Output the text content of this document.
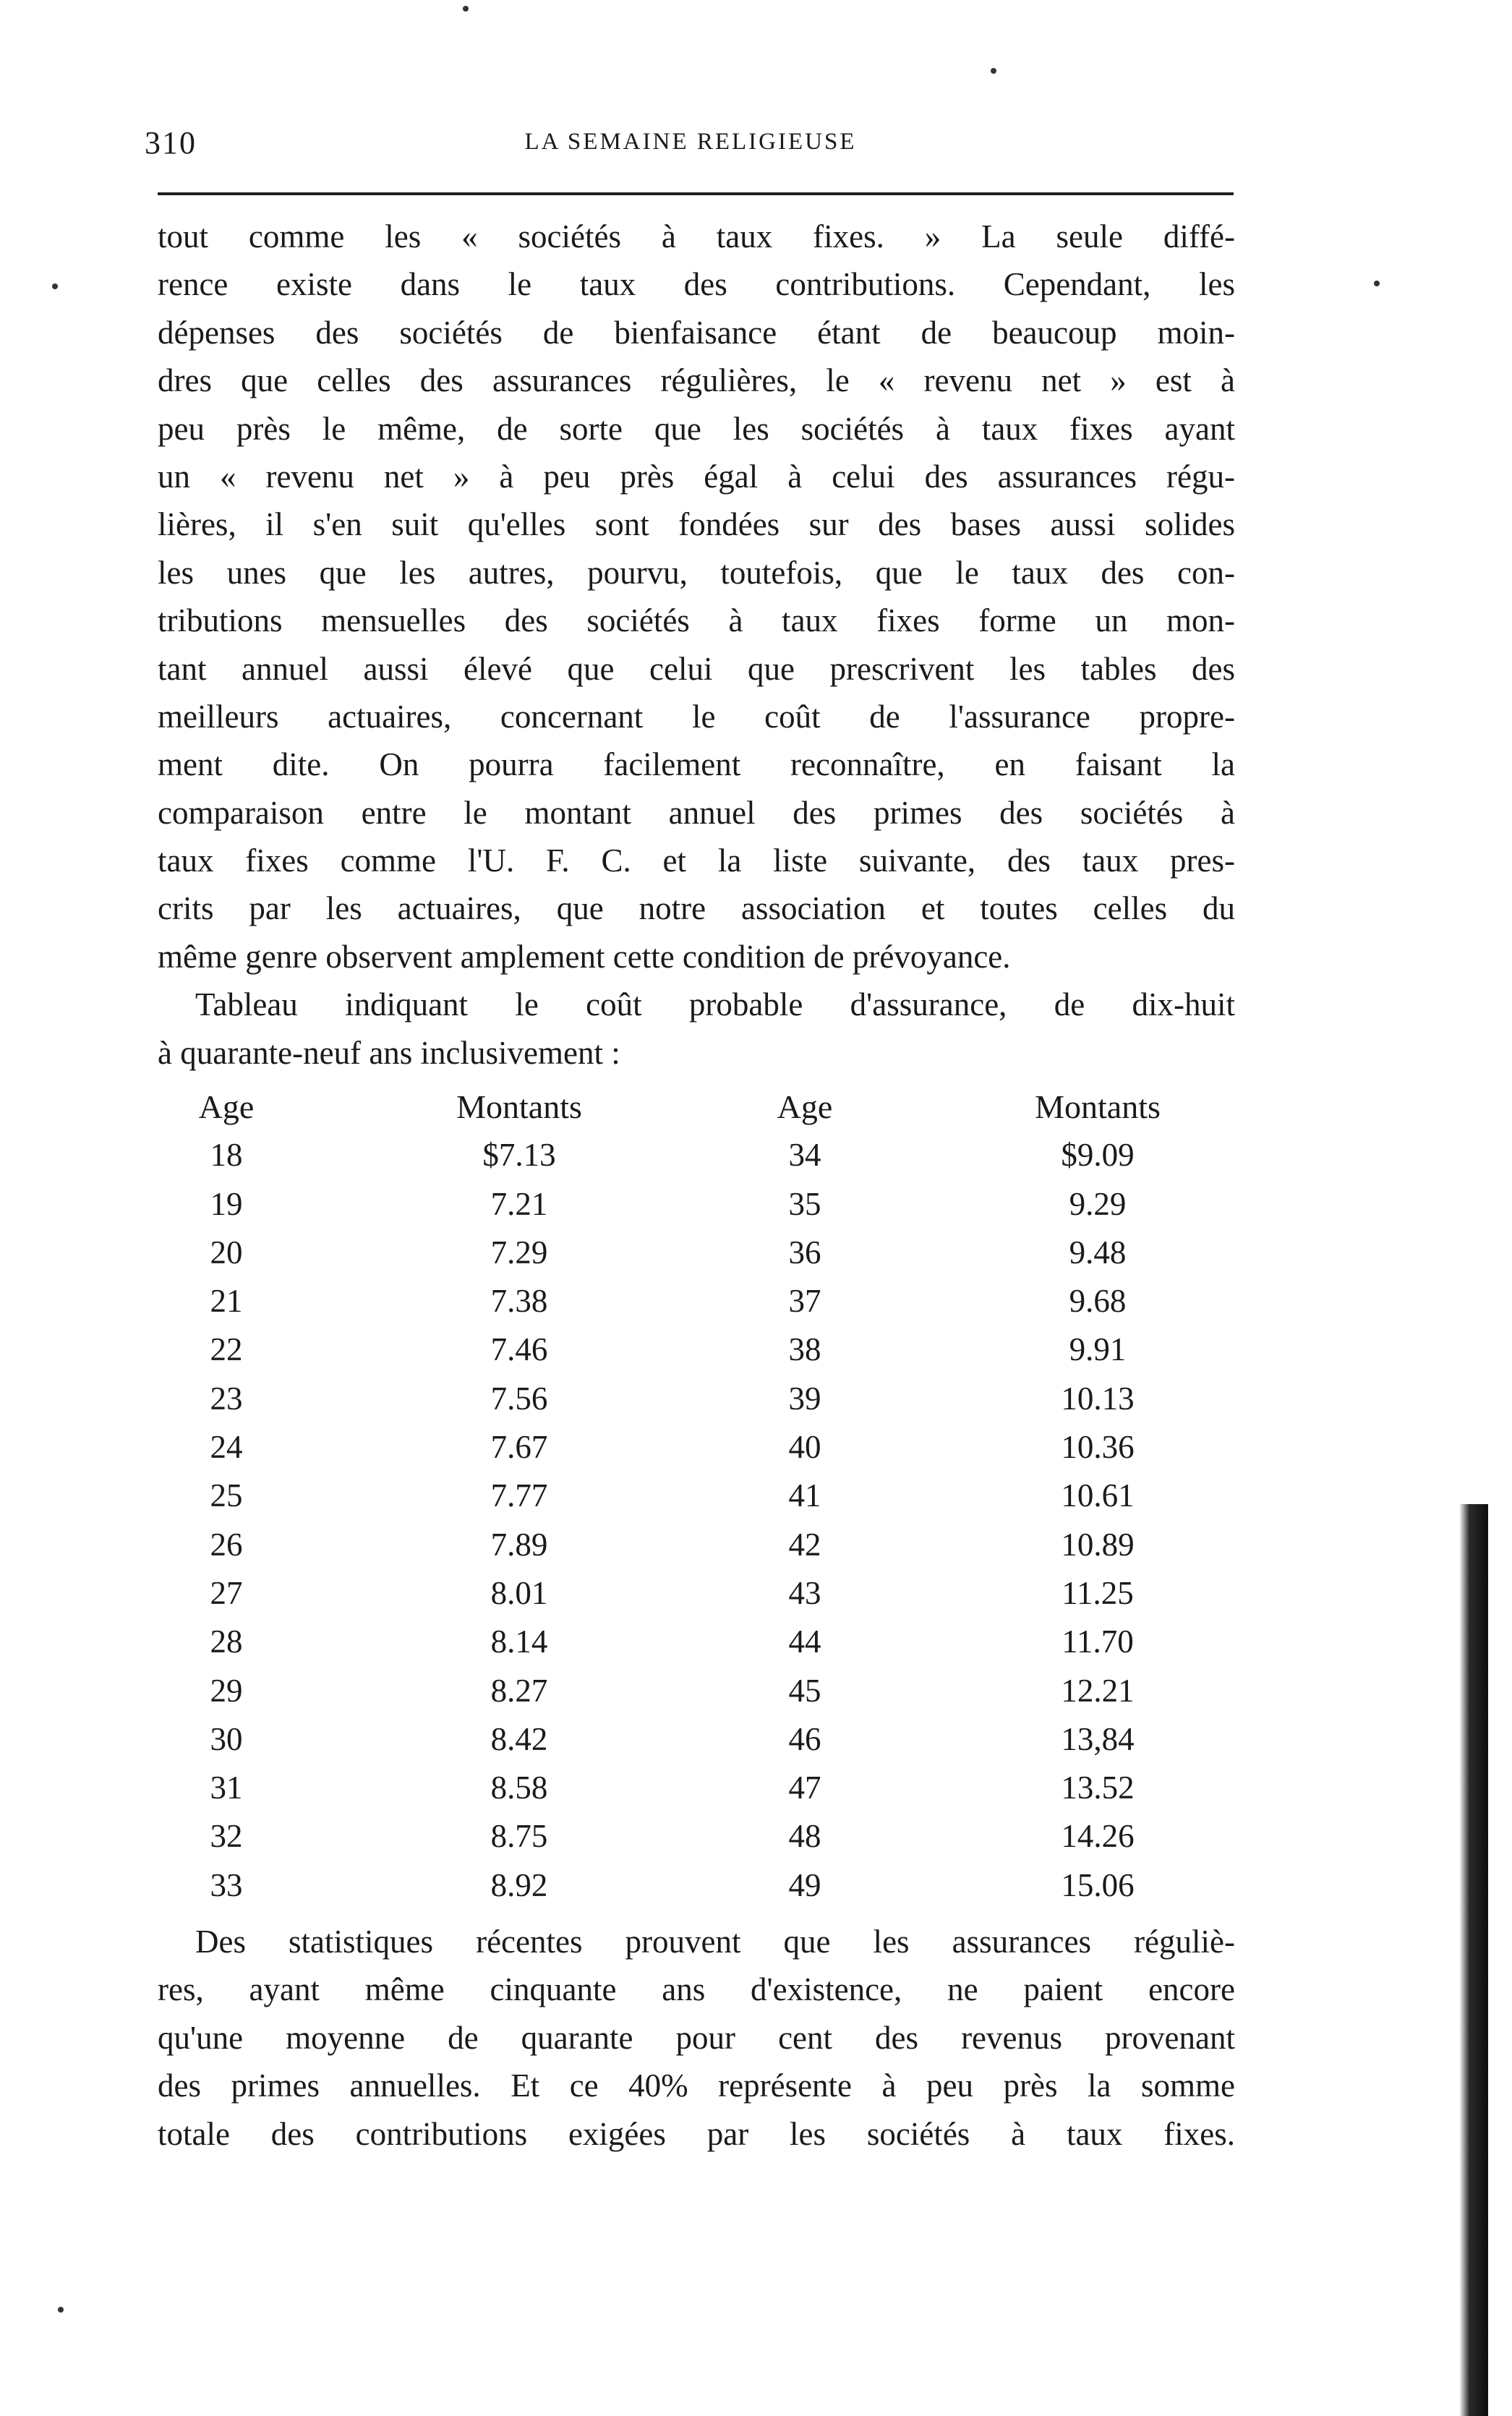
310	LA SEMAINE RELIGIEUSE
tout comme les « sociétés à taux fixes. » La seule diffé-
rence existe dans le taux des contributions. Cependant, les
dépenses des sociétés de bienfaisance étant de beaucoup moin-
dres que celles des assurances régulières, le « revenu net » est à
peu près le même, de sorte que les sociétés à taux fixes ayant
un « revenu net » à peu près égal à celui des assurances régu-
lières, il s'en suit qu'elles sont fondées sur des bases aussi solides
les unes que les autres, pourvu, toutefois, que le taux des con-
tributions mensuelles des sociétés à taux fixes forme un mon-
tant annuel aussi élevé que celui que prescrivent les tables des
meilleurs actuaires, concernant le coût de l'assurance propre-
ment dite. On pourra facilement reconnaître, en faisant la
comparaison entre le montant annuel des primes des sociétés à
taux fixes comme l'U. F. C. et la liste suivante, des taux pres-
crits par les actuaires, que notre association et toutes celles du
même genre observent amplement cette condition de prévoyance.
Tableau indiquant le coût probable d'assurance, de dix-huit
à quarante-neuf ans inclusivement :
Age	Montants	Age	Montants
18	$7.13	34	$9.09
19	7.21	35	9.29
20	7.29	36	9.48
21	7.38	37	9.68
22	7.46	38	9.91
23	7.56	39	10.13
24	7.67	40	10.36
25	7.77	41	10.61
26	7.89	42	10.89
27	8.01	43	11.25
28	8.14	44	11.70
29	8.27	45	12.21
30	8.42	46	13,84
31	8.58	47	13.52
32	8.75	48	14.26
33	8.92	49	15.06
Des statistiques récentes prouvent que les assurances réguliè-
res, ayant même cinquante ans d'existence, ne paient encore
qu'une moyenne de quarante pour cent des revenus provenant
des primes annuelles. Et ce 40% représente à peu près la somme
totale des contributions exigées par les sociétés à taux fixes.
